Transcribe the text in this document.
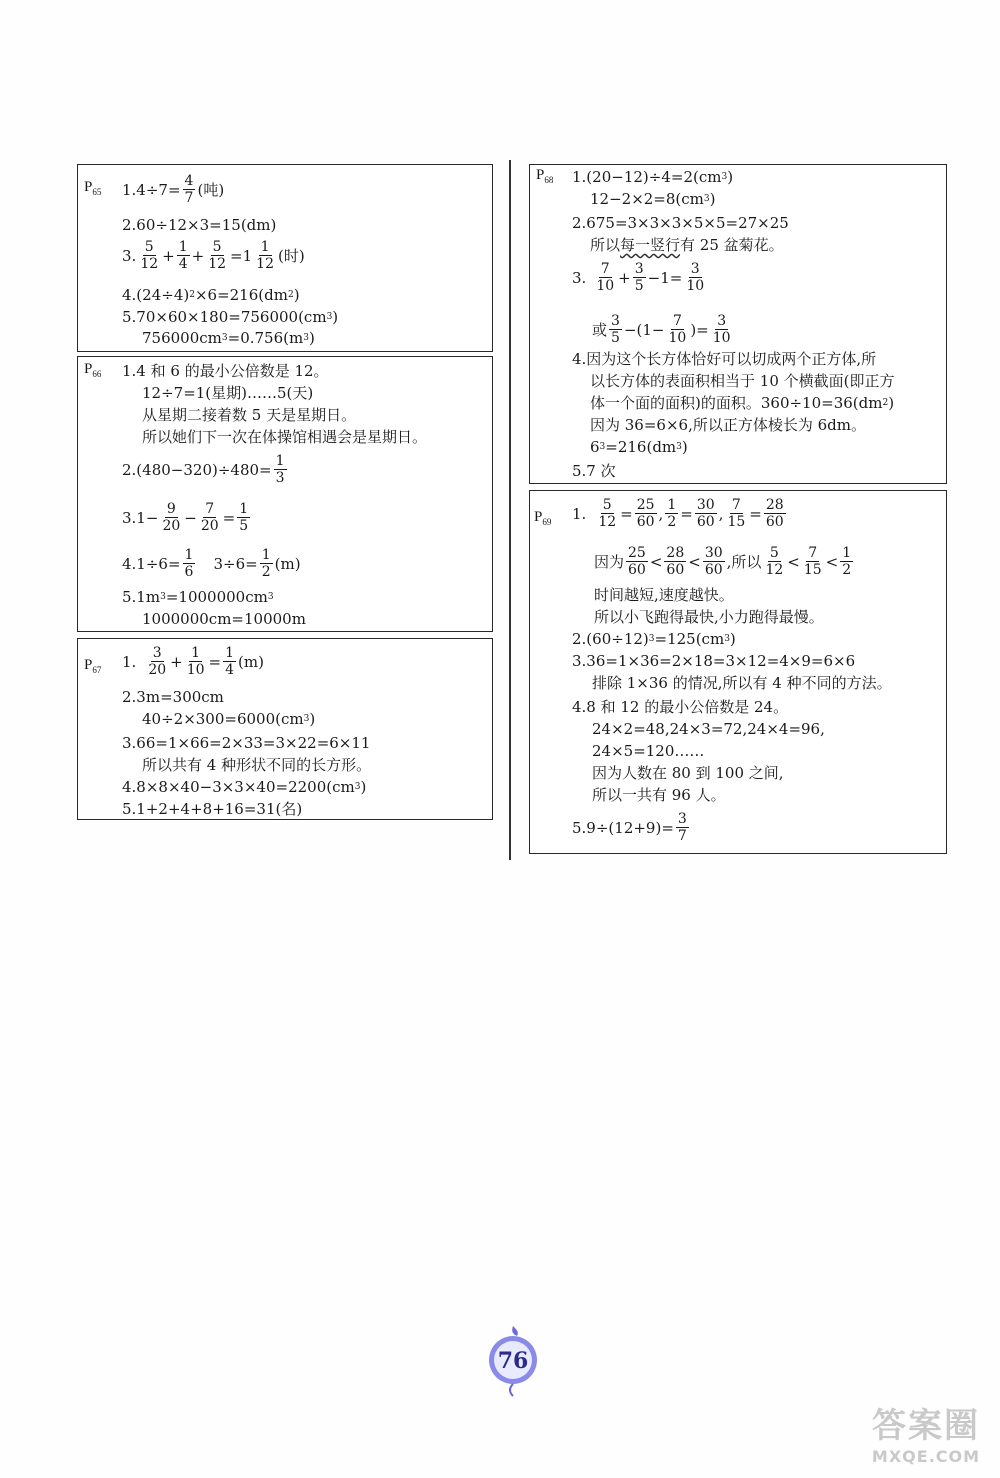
$P_{65}$ $1.4\div 7= \frac{4}{7}$ (吨)
2.60÷12×3=15(dm)
3. $\frac{5}{12} + \frac{1}{4} + \frac{5}{12} =1 \frac{1}{12}$ (时)
4.(24÷4) 2 ×6=216(dm 2 )
5.70×60×180=756000(cm 3 )
756000cm 3 =0.756(m 3 )
$P_{66}$ 1.4 和 6 的最小公倍数是 12。
12÷7=1(星期)……5(天)
从星期二接着数 5 天是星期日。
所以她们下一次在体操馆相遇会是星期日。
$2.(480-320)\div 480= \frac{1}{3}$
$3.1- \frac{9}{20} - \frac{7}{20} = \frac{1}{5}$
$4.1\div 6= \frac{1}{6} 3\div 6= \frac{1}{2} (m)$
5.1m 3 =1000000cm 3
1000000cm=10000m
$P_{67}$ 1. $\frac{3}{20} + \frac{1}{10} = \frac{1}{4} (m)$
2.3m=300cm
40÷2×300=6000(cm 3 )
3.66=1×66=2×33=3×22=6×11
所以共有 4 种形状不同的长方形。
4.8×8×40−3×3×40=2200(cm 3 )
5.1+2+4+8+16=31(名)
$P_{68}$ 1.(20−12)÷4=2(cm 3 )
12−2×2=8(cm 3 )
2.675=3×3×3×5×5=27×25
所以 每一竖行 有 25 盆菊花。
3. $\frac{7}{10} + \frac{3}{5} -1= \frac{3}{10}$
或 $\frac{3}{5} -(1- \frac{7}{10}$ )= $\frac{3}{10}$
4.因为这个长方体恰好可以切成两个正方体,所
以长方体的表面积相当于 10 个横截面(即正方
体一个面的面积)的面积。360÷10=36(dm 2 )
因为 36=6×6,所以正方体棱长为 6dm。
6 3 =216(dm 3 )
5.7 次
$P_{69}$ 1. $\frac{5}{12} = \frac{25}{60}$ , $\frac{1}{2} = \frac{30}{60}$ , $\frac{7}{15} = \frac{28}{60}$
因为 $\frac{25}{60} < \frac{28}{60} < \frac{30}{60}$ ,所以 $\frac{5}{12} < \frac{7}{15} < \frac{1}{2}$
时间越短,速度越快。
所以小飞跑得最快,小力跑得最慢。
2.(60÷12) 3 =125(cm 3 )
3.36=1×36=2×18=3×12=4×9=6×6
排除 1×36 的情况,所以有 4 种不同的方法。
4.8 和 12 的最小公倍数是 24。
24×2=48,24×3=72,24×4=96,
24×5=120……
因为人数在 80 到 100 之间,
所以一共有 96 人。
$5.9\div(12+9)= \frac{3}{7}$
76
答案圈
MXQE.COM
